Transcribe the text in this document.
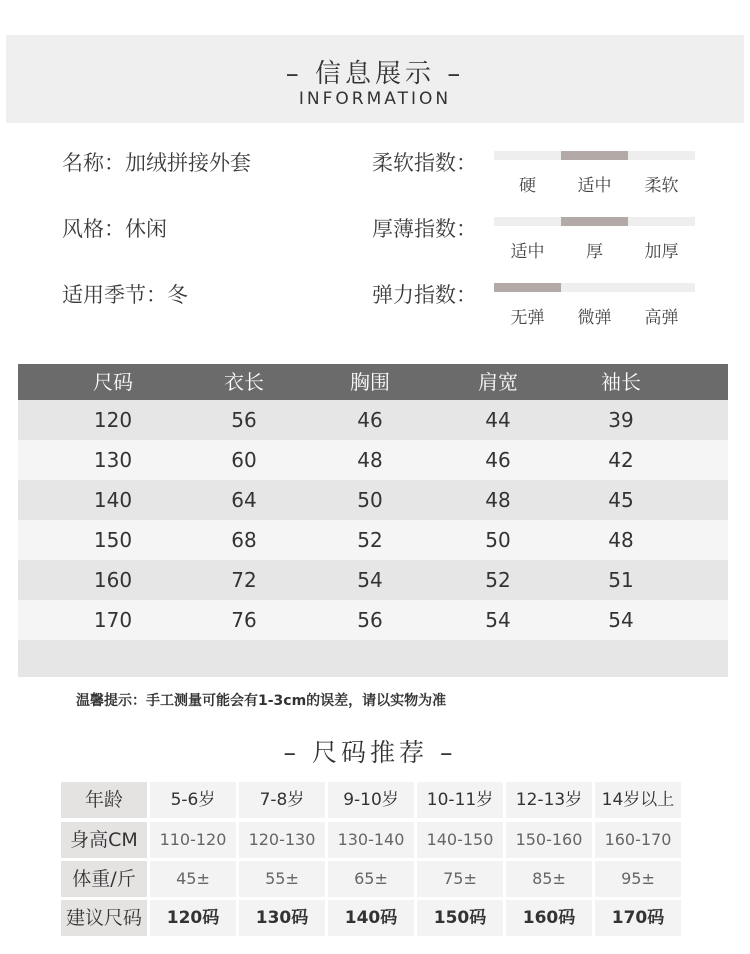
– 信息展示 –
INFORMATION
名称：加绒拼接外套
风格：休闲
适用季节：冬
柔软指数：
硬	适中	柔软
厚薄指数：
适中	厚	加厚
弹力指数：
无弹	微弹	高弹
尺码	衣长	胸围	肩宽	袖长
120	56	46	44	39
130	60	48	46	42
140	64	50	48	45
150	68	52	50	48
160	72	54	52	51
170	76	56	54	54
温馨提示：手工测量可能会有1-3cm的误差，请以实物为准
– 尺码推荐 –
年龄	5-6岁	7-8岁	9-10岁	10-11岁	12-13岁	14岁以上
身高CM	110-120	120-130	130-140	140-150	150-160	160-170
体重/斤	45±	55±	65±	75±	85±	95±
建议尺码	120码	130码	140码	150码	160码	170码
